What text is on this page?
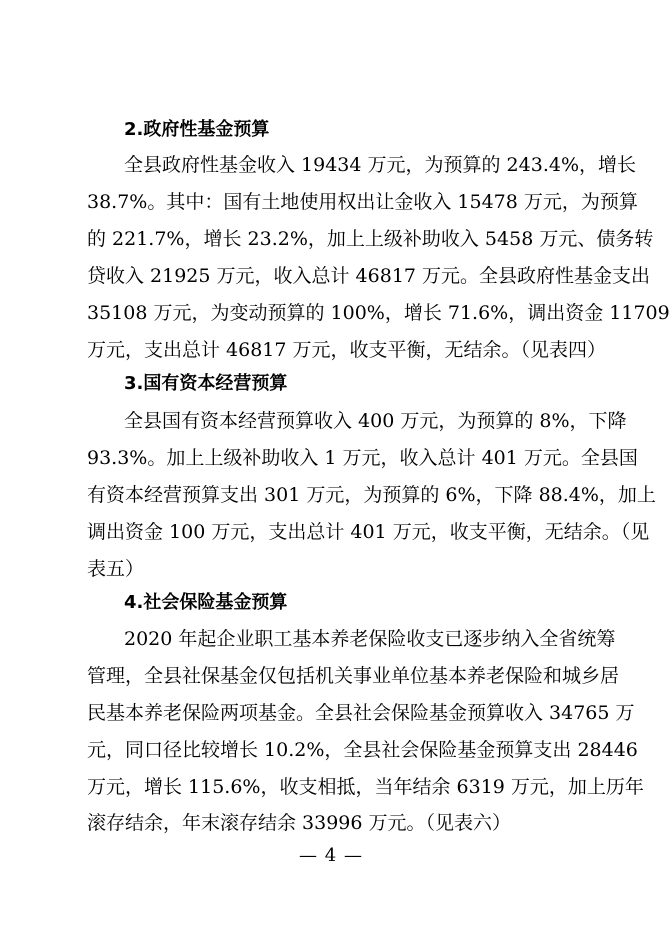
2.政府性基金预算
全县政府性基金收入 19434 万元，为预算的 243.4%，增长
38.7%。其中：国有土地使用权出让金收入 15478 万元，为预算
的 221.7%，增长 23.2%，加上上级补助收入 5458 万元、债务转
贷收入 21925 万元，收入总计 46817 万元。全县政府性基金支出
35108 万元，为变动预算的 100%，增长 71.6%，调出资金 11709
万元，支出总计 46817 万元，收支平衡，无结余。（见表四）
3.国有资本经营预算
全县国有资本经营预算收入 400 万元，为预算的 8%，下降
93.3%。加上上级补助收入 1 万元，收入总计 401 万元。全县国
有资本经营预算支出 301 万元，为预算的 6%，下降 88.4%，加上
调出资金 100 万元，支出总计 401 万元，收支平衡，无结余。（见
表五）
4.社会保险基金预算
2020 年起企业职工基本养老保险收支已逐步纳入全省统筹
管理，全县社保基金仅包括机关事业单位基本养老保险和城乡居
民基本养老保险两项基金。全县社会保险基金预算收入 34765 万
元，同口径比较增长 10.2%，全县社会保险基金预算支出 28446
万元，增长 115.6%，收支相抵，当年结余 6319 万元，加上历年
滚存结余，年末滚存结余 33996 万元。（见表六）
— 4 —
